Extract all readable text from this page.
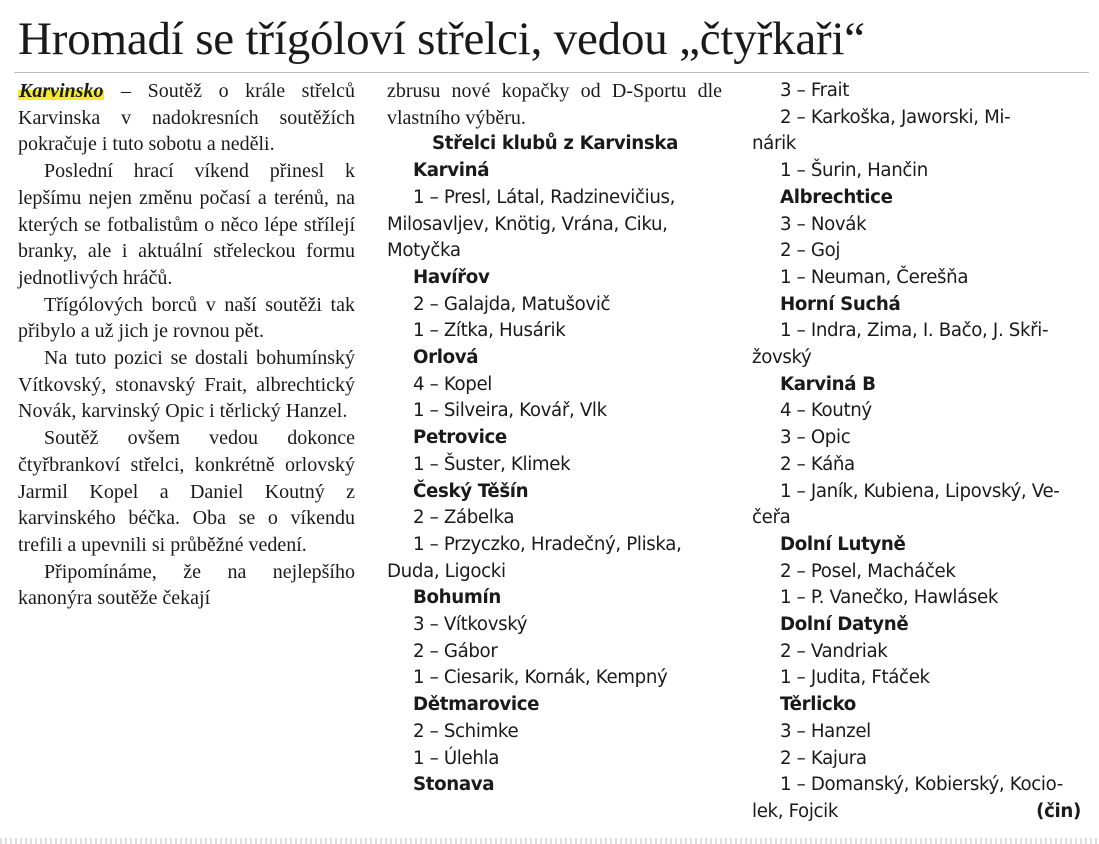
Hromadí se třígóloví střelci, vedou „čtyřkaři“

Karvinsko – Soutěž o krále střelců Karvinska v nadokresních soutěžích pokračuje i tuto sobotu a neděli.

Poslední hrací víkend přinesl k lepšímu nejen změnu počasí a terénů, na kterých se fotbalistům o něco lépe střílejí branky, ale i aktuální střeleckou formu jednotlivých hráčů.

Třígólových borců v naší soutěži tak přibylo a už jich je rovnou pět.

Na tuto pozici se dostali bohumínský Vítkovský, stonavský Frait, albrechtický Novák, karvinský Opic i těrlický Hanzel.

Soutěž ovšem vedou dokonce čtyřbrankoví střelci, konkrétně orlovský Jarmil Kopel a Daniel Koutný z karvinského béčka. Oba se o víkendu trefili a upevnili si průběžné vedení.

Připomínáme, že na nejlepšího kanonýra soutěže čekají

zbrusu nové kopačky od D-Sportu dle vlastního výběru.

Střelci klubů z Karvinska

Karviná

1 – Presl, Látal, Radzinevičius,
Milosavljev, Knötig, Vrána, Ciku,
Motyčka

Havířov

2 – Galajda, Matušovič

1 – Zítka, Husárik

Orlová

4 – Kopel

1 – Silveira, Kovář, Vlk

Petrovice

1 – Šuster, Klimek

Český Těšín

2 – Zábelka

1 – Przyczko, Hradečný, Pliska,
Duda, Ligocki

Bohumín

3 – Vítkovský

2 – Gábor

1 – Ciesarik, Kornák, Kempný

Dětmarovice

2 – Schimke

1 – Úlehla

Stonava

3 – Frait

2 – Karkoška, Jaworski, Mi-
nárik

1 – Šurin, Hančin

Albrechtice

3 – Novák

2 – Goj

1 – Neuman, Čerešňa

Horní Suchá

1 – Indra, Zima, I. Bačo, J. Skři-
žovský

Karviná B

4 – Koutný

3 – Opic

2 – Káňa

1 – Janík, Kubiena, Lipovský, Ve-
čeřa

Dolní Lutyně

2 – Posel, Macháček

1 – P. Vanečko, Hawlásek

Dolní Datyně

2 – Vandriak

1 – Judita, Ftáček

Těrlicko

3 – Hanzel

2 – Kajura

1 – Domanský, Kobierský, Kocio-
lek, Fojcik	(čin)
